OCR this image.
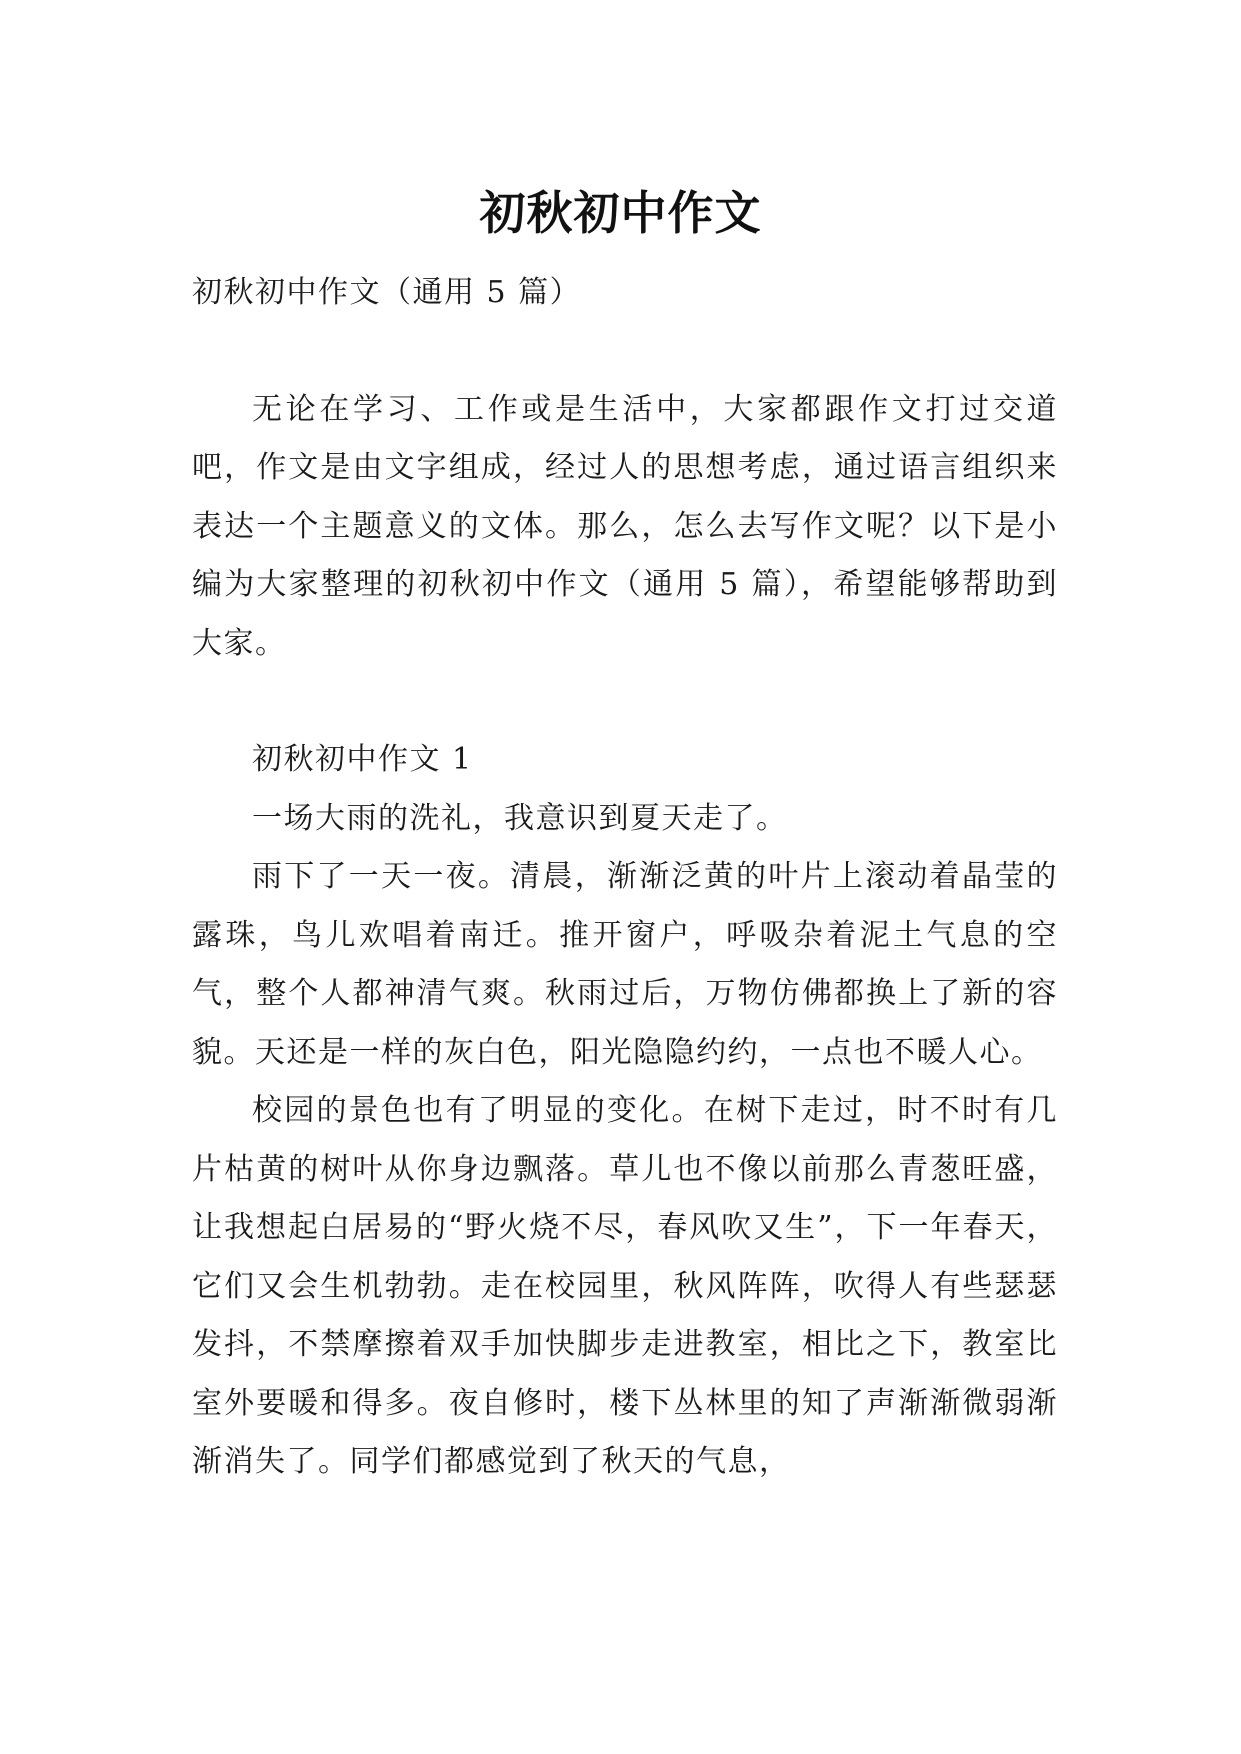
初秋初中作文

初秋初中作文（通用 5 篇）

无论在学习、工作或是生活中，大家都跟作文打过交道吧，作文是由文字组成，经过人的思想考虑，通过语言组织来表达一个主题意义的文体。那么，怎么去写作文呢？以下是小编为大家整理的初秋初中作文（通用 5 篇），希望能够帮助到大家。

初秋初中作文 1

一场大雨的洗礼，我意识到夏天走了。

雨下了一天一夜。清晨，渐渐泛黄的叶片上滚动着晶莹的露珠，鸟儿欢唱着南迁。推开窗户，呼吸杂着泥土气息的空气，整个人都神清气爽。秋雨过后，万物仿佛都换上了新的容貌。天还是一样的灰白色，阳光隐隐约约，一点也不暖人心。

校园的景色也有了明显的变化。在树下走过，时不时有几片枯黄的树叶从你身边飘落。草儿也不像以前那么青葱旺盛，让我想起白居易的“野火烧不尽，春风吹又生”，下一年春天，它们又会生机勃勃。走在校园里，秋风阵阵，吹得人有些瑟瑟发抖，不禁摩擦着双手加快脚步走进教室，相比之下，教室比室外要暖和得多。夜自修时，楼下丛林里的知了声渐渐微弱渐渐消失了。同学们都感觉到了秋天的气息，
